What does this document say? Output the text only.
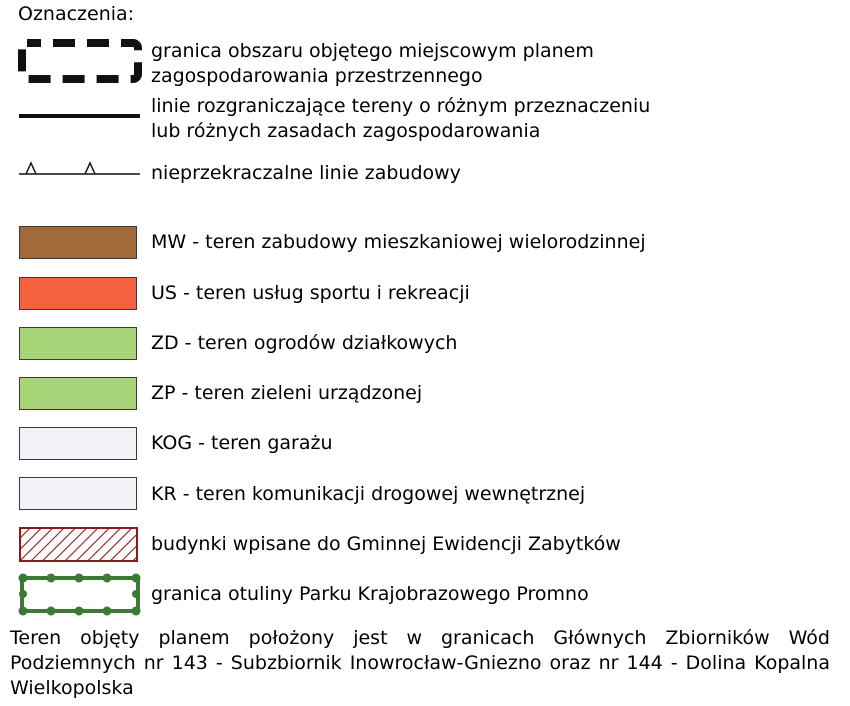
Oznaczenia:
granica obszaru objętego miejscowym planem
zagospodarowania przestrzennego
linie rozgraniczające tereny o różnym przeznaczeniu
lub różnych zasadach zagospodarowania
nieprzekraczalne linie zabudowy
MW - teren zabudowy mieszkaniowej wielorodzinnej
US - teren usług sportu i rekreacji
ZD - teren ogrodów działkowych
ZP - teren zieleni urządzonej
KOG - teren garażu
KR - teren komunikacji drogowej wewnętrznej
budynki wpisane do Gminnej Ewidencji Zabytków
granica otuliny Parku Krajobrazowego Promno
Teren objęty planem położony jest w granicach Głównych Zbiorników Wód Podziemnych nr 143 - Subzbiornik Inowrocław-Gniezno oraz nr 144 - Dolina Kopalna Wielkopolska
